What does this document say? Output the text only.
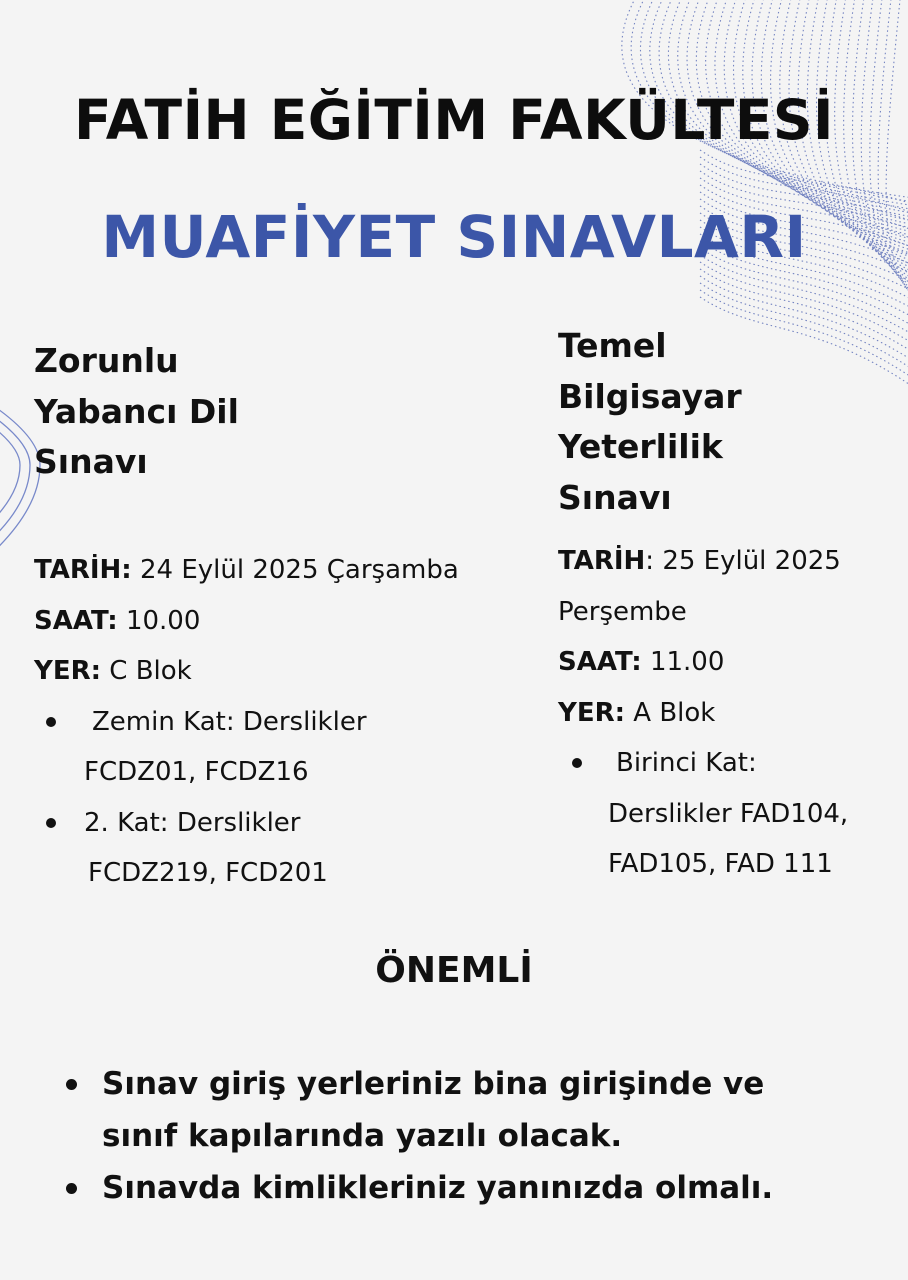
FATİH EĞİTİM FAKÜLTESİ
MUAFİYET SINAVLARI
Zorunlu
Yabancı Dil
Sınavı
Temel
Bilgisayar
Yeterlilik
Sınavı
TARİH: 24 Eylül 2025 Çarşamba
SAAT: 10.00
YER: C Blok
Zemin Kat: Derslikler
FCDZ01, FCDZ16
2. Kat: Derslikler
FCDZ219, FCD201
TARİH: 25 Eylül 2025
Perşembe
SAAT: 11.00
YER: A Blok
Birinci Kat:
Derslikler FAD104,
FAD105, FAD 111
ÖNEMLİ
Sınav giriş yerleriniz bina girişinde ve
sınıf kapılarında yazılı olacak.
Sınavda kimlikleriniz yanınızda olmalı.
